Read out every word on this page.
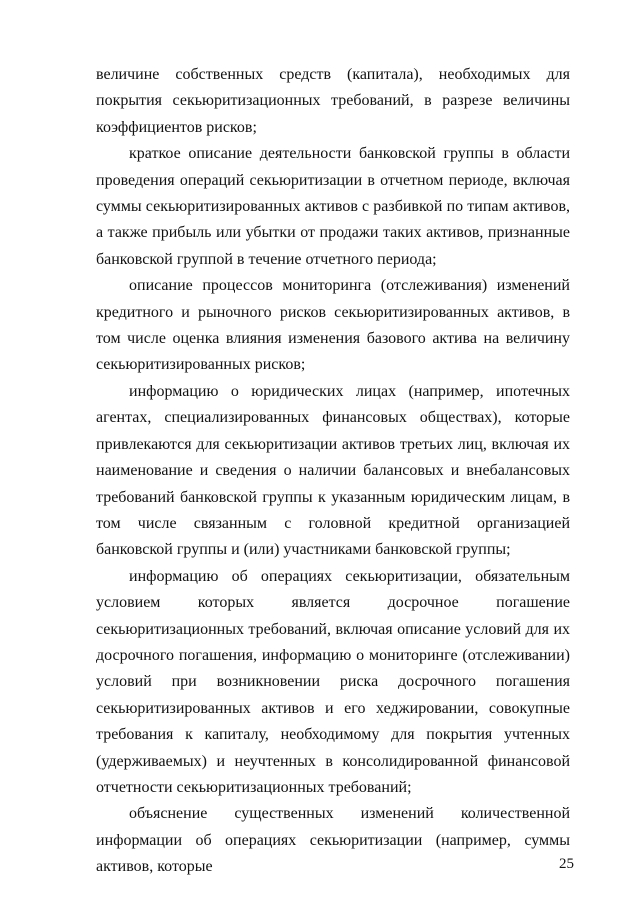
величине собственных средств (капитала), необходимых для покрытия секьюритизационных требований, в разрезе величины коэффициентов рисков;

краткое описание деятельности банковской группы в области проведения операций секьюритизации в отчетном периоде, включая суммы секьюритизированных активов с разбивкой по типам активов, а также прибыль или убытки от продажи таких активов, признанные банковской группой в течение отчетного периода;

описание процессов мониторинга (отслеживания) изменений кредитного и рыночного рисков секьюритизированных активов, в том числе оценка влияния изменения базового актива на величину секьюритизированных рисков;

информацию о юридических лицах (например, ипотечных агентах, специализированных финансовых обществах), которые привлекаются для секьюритизации активов третьих лиц, включая их наименование и сведения о наличии балансовых и внебалансовых требований банковской группы к указанным юридическим лицам, в том числе связанным с головной кредитной организацией банковской группы и (или) участниками банковской группы;

информацию об операциях секьюритизации, обязательным условием которых является досрочное погашение секьюритизационных требований, включая описание условий для их досрочного погашения, информацию о мониторинге (отслеживании) условий при возникновении риска досрочного погашения секьюритизированных активов и его хеджировании, совокупные требования к капиталу, необходимому для покрытия учтенных (удерживаемых) и неучтенных в консолидированной финансовой отчетности секьюритизационных требований;

объяснение существенных изменений количественной информации об операциях секьюритизации (например, суммы активов, которые	25
